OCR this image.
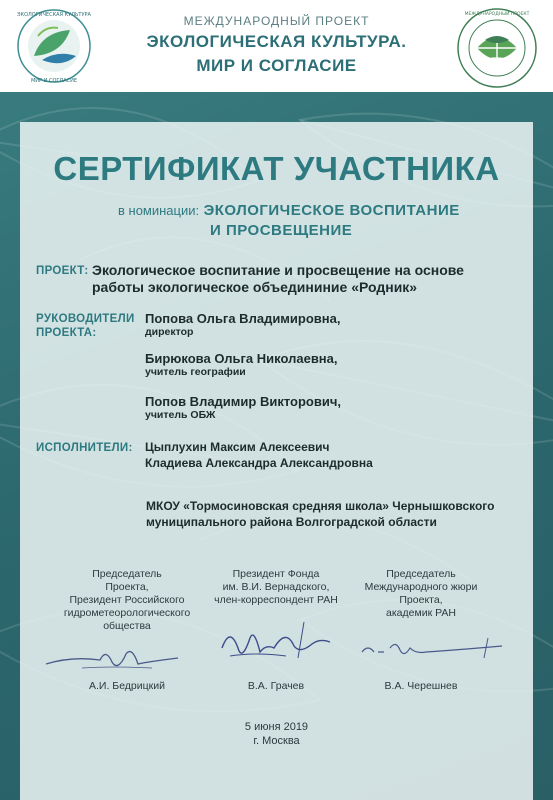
ЭКОЛОГИЧЕСКАЯ КУЛЬТУРА
МИР И СОГЛАСИЕ
МЕЖДУНАРОДНЫЙ ПРОЕКТ
ЭКОЛОГИЧЕСКАЯ КУЛЬТУРА.
МИР И СОГЛАСИЕ
МЕЖДУНАРОДНЫЙ ПРОЕКТ
СЕРТИФИКАТ УЧАСТНИКА
в номинации: ЭКОЛОГИЧЕСКОЕ ВОСПИТАНИЕ
И ПРОСВЕЩЕНИЕ
ПРОЕКТ: Экологическое воспитание и просвещение на основе
работы экологическое объедининие «Родник»
РУКОВОДИТЕЛИ
ПРОЕКТА:
Попова Ольга Владимировна,
директор
Бирюкова Ольга Николаевна,
учитель географии
Попов Владимир Викторович,
учитель ОБЖ
ИСПОЛНИТЕЛИ: Цыплухин Максим Алексеевич
Кладиева Александра Александровна
МКОУ «Тормосиновская средняя школа» Чернышковского
муниципального района Волгоградской области
Председатель
Проекта,
Президент Российского
гидрометеорологического
общества
А.И. Бедрицкий
Президент Фонда
им. В.И. Вернадского,
член-корреспондент РАН
В.А. Грачев
Председатель
Международного жюри
Проекта,
академик РАН
В.А. Черешнев
5 июня 2019
г. Москва
